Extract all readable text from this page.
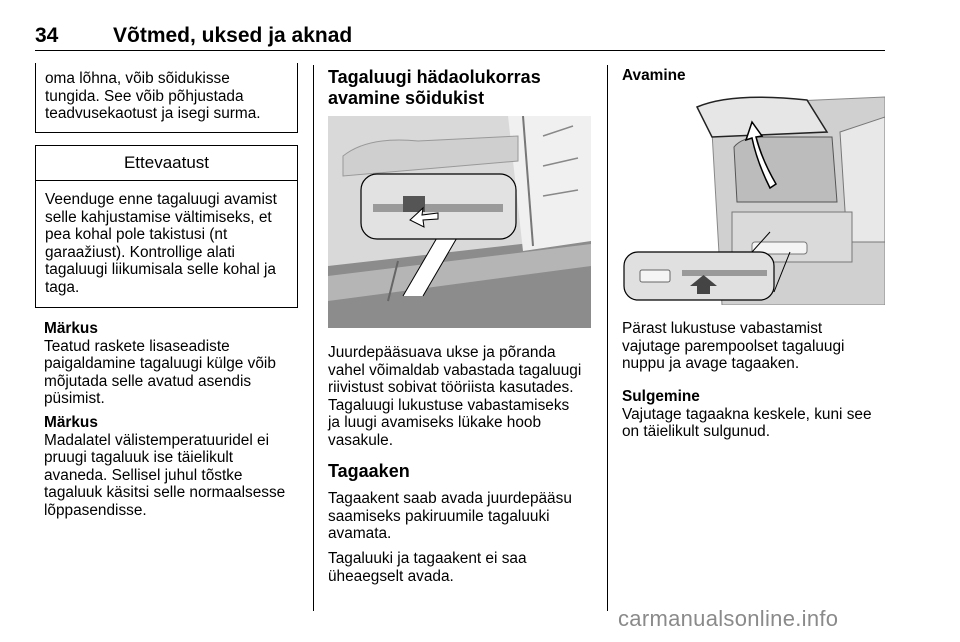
34	Võtmed, uksed ja aknad

oma lõhna, võib sõidukisse

tungida. See võib põhjustada

teadvusekaotust ja isegi surma.

Ettevaatust

Veenduge enne tagaluugi avamist

selle kahjustamise vältimiseks, et

pea kohal pole takistusi (nt

garaažiust). Kontrollige alati

tagaluugi liikumisala selle kohal ja

taga.

Märkus

Teatud raskete lisaseadiste

paigaldamine tagaluugi külge võib

mõjutada selle avatud asendis

püsimist.

Märkus

Madalatel välistemperatuuridel ei

pruugi tagaluuk ise täielikult

avaneda. Sellisel juhul tõstke

tagaluuk käsitsi selle normaalsesse

lõppasendisse.

Tagaluugi hädaolukorras

avamine sõidukist

Juurdepääsuava ukse ja põranda

vahel võimaldab vabastada tagaluugi

riivistust sobivat tööriista kasutades.

Tagaluugi lukustuse vabastamiseks

ja luugi avamiseks lükake hoob

vasakule.

Tagaaken

Tagaakent saab avada juurdepääsu

saamiseks pakiruumile tagaluuki

avamata.

Tagaluuki ja tagaakent ei saa

üheaegselt avada.

Avamine

Pärast lukustuse vabastamist

vajutage parempoolset tagaluugi

nuppu ja avage tagaaken.

Sulgemine

Vajutage tagaakna keskele, kuni see

on täielikult sulgunud.

carmanualsonline.info
